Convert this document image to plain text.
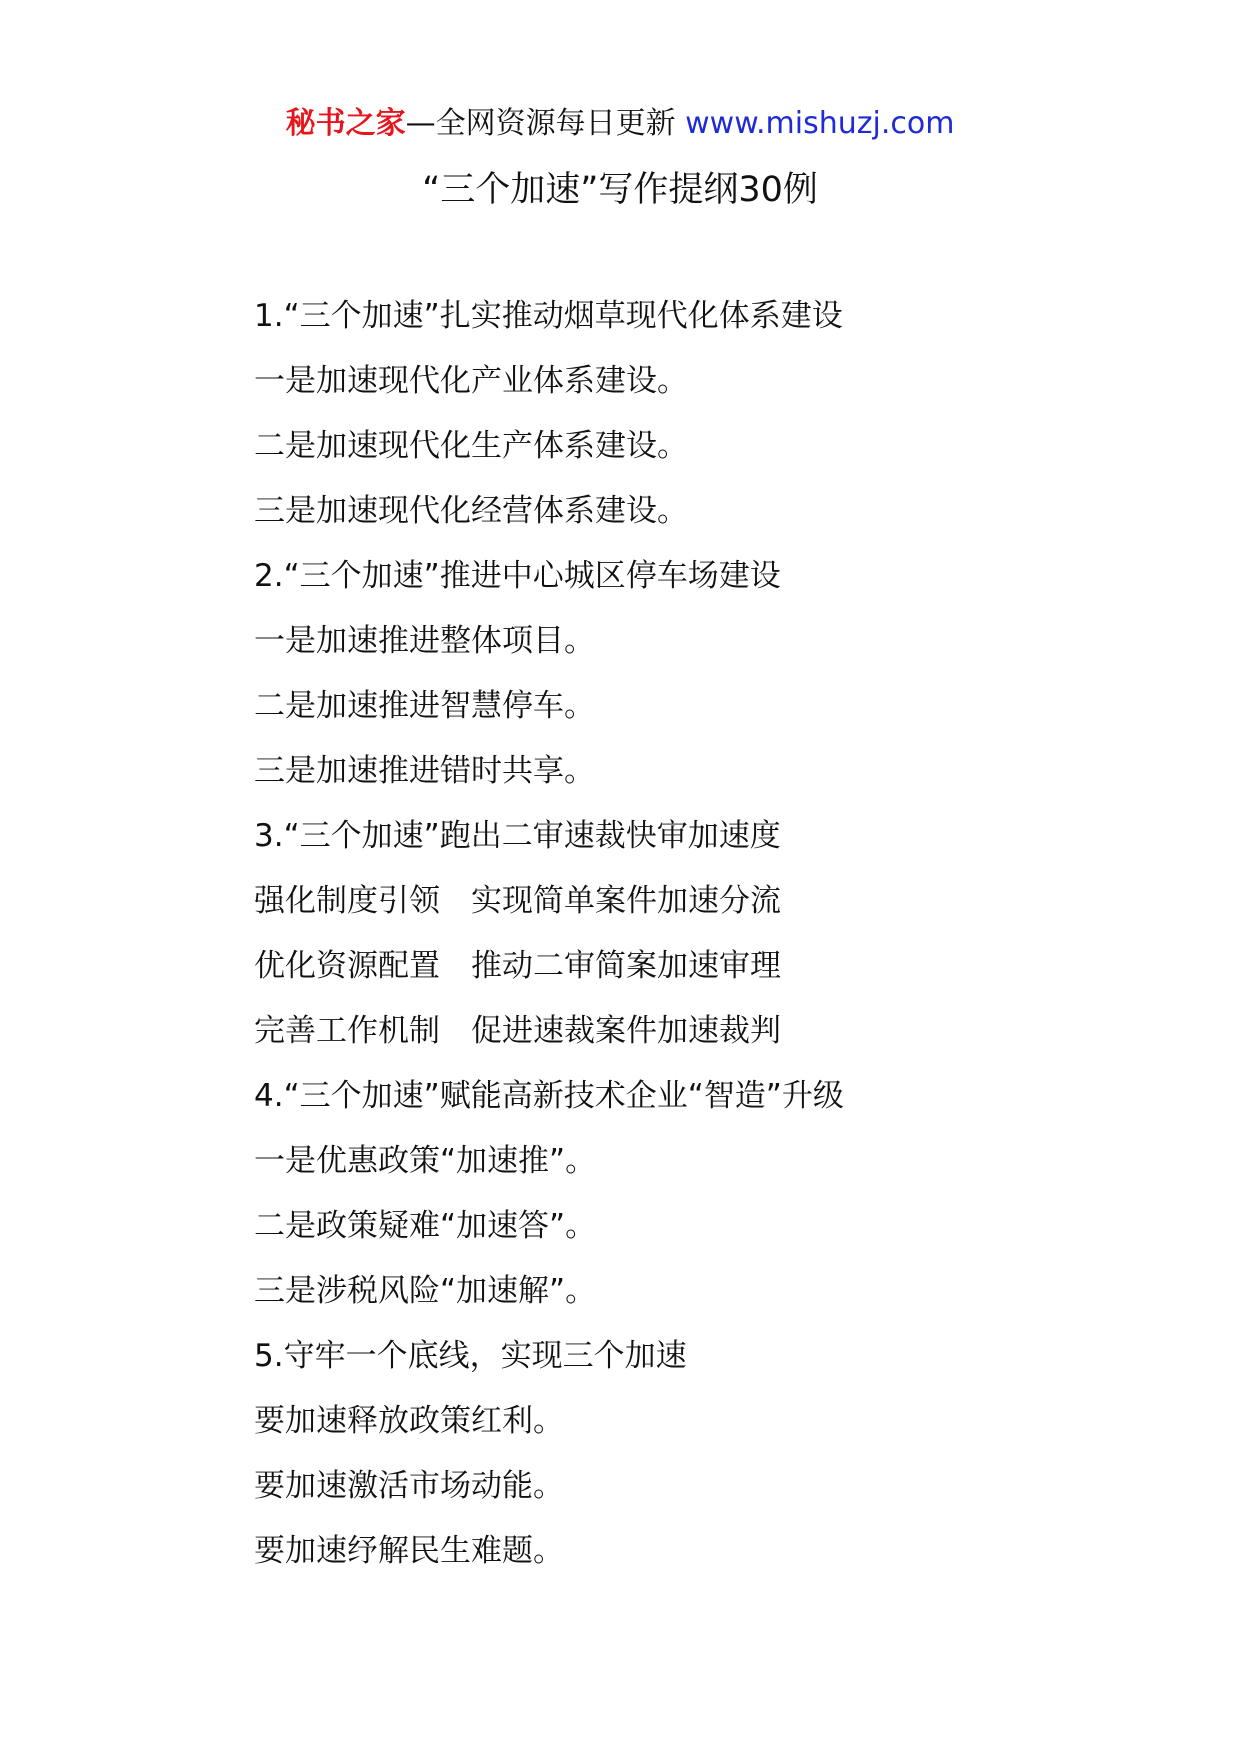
秘书之家—全网资源每日更新 www.mishuzj.com
“三个加速”写作提纲30例
1.“三个加速”扎实推动烟草现代化体系建设
一是加速现代化产业体系建设。
二是加速现代化生产体系建设。
三是加速现代化经营体系建设。
2.“三个加速”推进中心城区停车场建设
一是加速推进整体项目。
二是加速推进智慧停车。
三是加速推进错时共享。
3.“三个加速”跑出二审速裁快审加速度
强化制度引领　实现简单案件加速分流
优化资源配置　推动二审简案加速审理
完善工作机制　促进速裁案件加速裁判
4.“三个加速”赋能高新技术企业“智造”升级
一是优惠政策“加速推”。
二是政策疑难“加速答”。
三是涉税风险“加速解”。
5.守牢一个底线，实现三个加速
要加速释放政策红利。
要加速激活市场动能。
要加速纾解民生难题。
